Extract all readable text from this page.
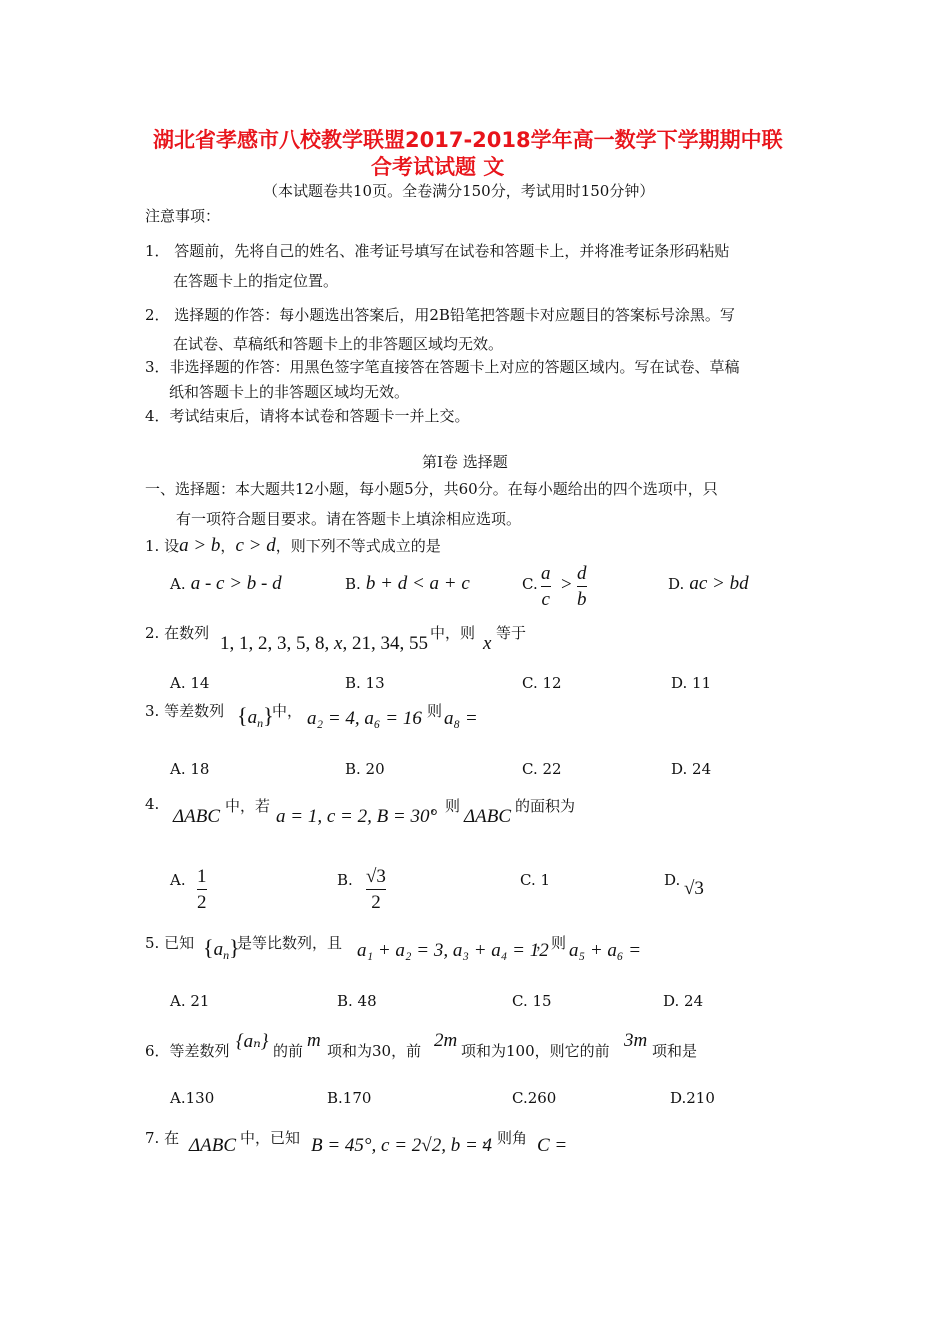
湖北省孝感市八校教学联盟2017-2018学年高一数学下学期期中联
合考试试题 文
（本试题卷共10页。全卷满分150分，考试用时150分钟）
注意事项：
1． 答题前，先将自己的姓名、准考证号填写在试卷和答题卡上，并将准考证条形码粘贴
在答题卡上的指定位置。
2． 选择题的作答：每小题选出答案后，用2B铅笔把答题卡对应题目的答案标号涂黑。写
在试卷、草稿纸和答题卡上的非答题区域均无效。
3．非选择题的作答：用黑色签字笔直接答在答题卡上对应的答题区域内。写在试卷、草稿
纸和答题卡上的非答题区域均无效。
4．考试结束后，请将本试卷和答题卡一并上交。
第Ⅰ卷 选择题
一、选择题：本大题共12小题，每小题5分，共60分。在每小题给出的四个选项中，只
有一项符合题目要求。请在答题卡上填涂相应选项。
1. 设a > b，c > d，则下列不等式成立的是
A. a - c > b - d	B. b + d < a + c	C. a
c
>
d
b
D. ac > bd
2. 在数列 1, 1, 2, 3, 5, 8, x, 21, 34, 55 中，则 x 等于
A. 14	B. 13	C. 12	D. 11
3. 等差数列 $\{a_n\}$
中， a₂ = 4, a₆ = 16
，则 a₈ =
A. 18	B. 20	C. 22	D. 24
4.
ΔABC 中，若 a = 1, c = 2, B = 30°
，则 ΔABC 的面积为
A. 1
2
B. √3
2
C. 1	D. √3
5. 已知 $\{a_n\}$
是等比数列，且 a₁ + a₂ = 3, a₃ + a₄ = 12
，则 a₅ + a₆ =
A. 21	B. 48	C. 15	D. 24
6．等差数列 {aₙ} 的前 m 项和为30，前 2m 项和为100，则它的前 3m 项和是
A.130	B.170	C.260	D.210
7. 在 ΔABC 中，已知 B = 45°, c = 2√2, b = 4
，则角 C =
